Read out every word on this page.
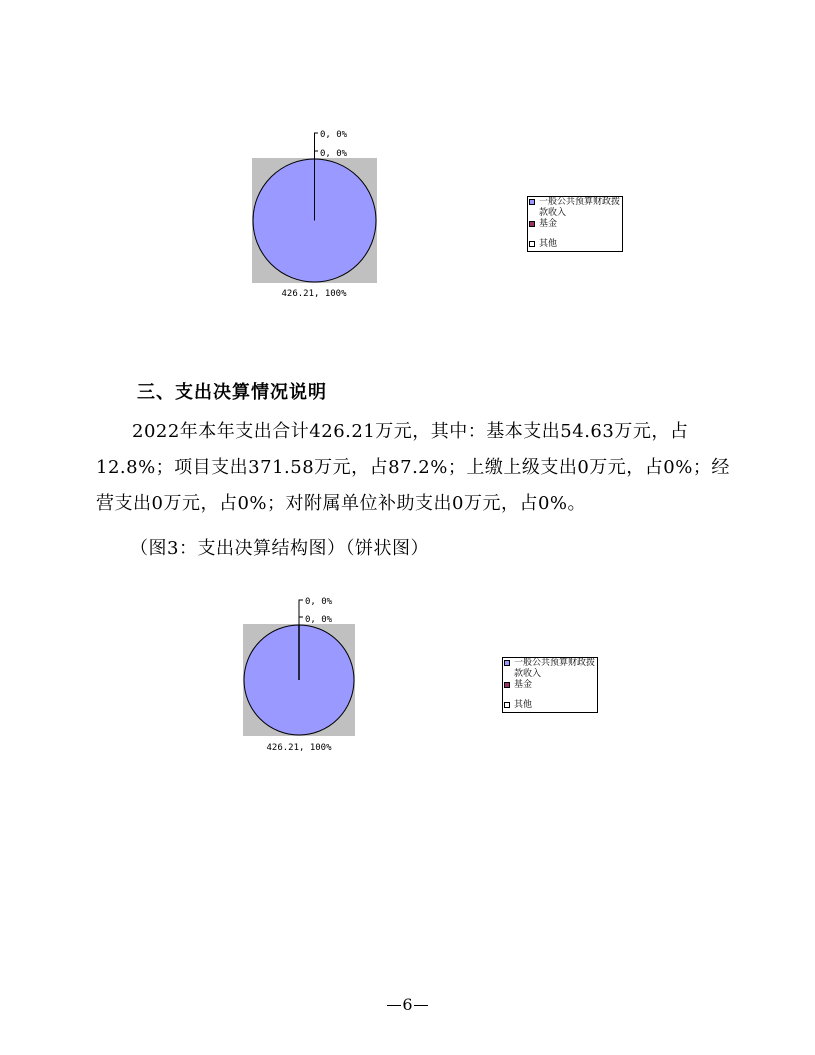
0, 0%
0, 0%
426.21, 100%
一般公共预算财政拨款收入
基金
其他
三、支出决算情况说明
2022年本年支出合计426.21万元，其中：基本支出54.63万元，占12.8%；项目支出371.58万元，占87.2%；上缴上级支出0万元，占0%；经营支出0万元，占0%；对附属单位补助支出0万元，占0%。
（图3：支出决算结构图）（饼状图）
0, 0%
0, 0%
426.21, 100%
一般公共预算财政拨款收入
基金
其他
6
